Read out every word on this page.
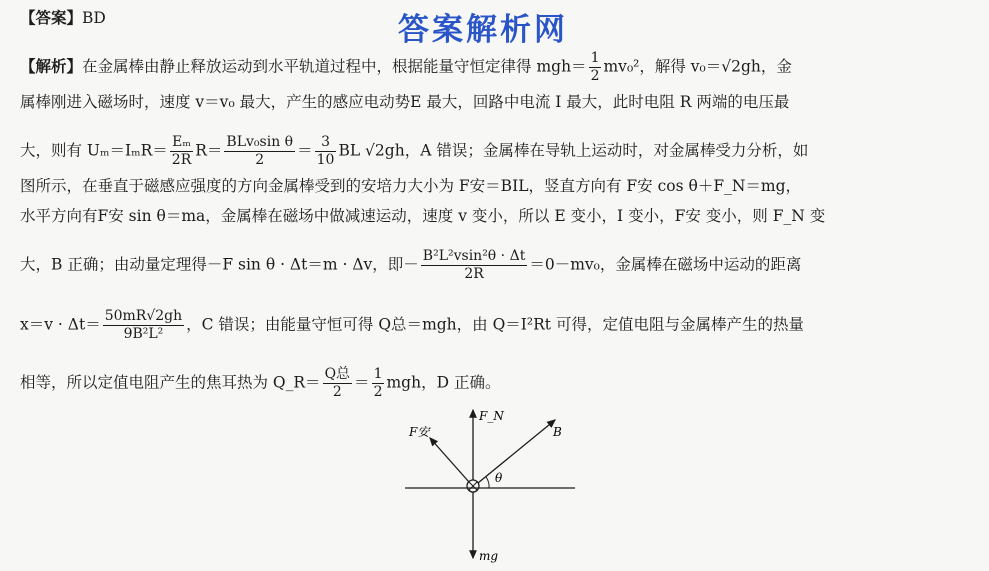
答案解析网
【答案】BD
【解析】在金属棒由静止释放运动到水平轨道过程中，根据能量守恒定律得 $mgh= \frac{1}{2} mv_0^2$，解得 v₀＝√2gh，金
属棒刚进入磁场时，速度 v＝v₀ 最大，产生的感应电动势E 最大，回路中电流 I 最大，此时电阻 R 两端的电压最
大，则有 $U_m=I_mR= \frac{\text{Eₘ}}{2R} R= \frac{\text{BLv₀sin θ}}{2} = \frac{3}{10}$ BL √2gh，A 错误；金属棒在导轨上运动时，对金属棒受力分析，如
图所示，在垂直于磁感应强度的方向金属棒受到的安培力大小为 F安＝BIL，竖直方向有 F安 cos θ＋F_N＝mg，
水平方向有F安 sin θ＝ma，金属棒在磁场中做减速运动，速度 v 变小，所以 E 变小，I 变小，F安 变小，则 F_N 变
大，B 正确；由动量定理得－F sin θ · Δt＝m · Δv，即－ $\frac{\text{B²L²vsin²θ · Δt}}{2R} =0-mv_0$，金属棒在磁场中运动的距离
$x=v \cdot \Delta t= \frac{50mR√2gh}{\text{9B²L²}}$ ，C 错误；由能量守恒可得 Q总＝mgh，由 Q＝I²Rt 可得，定值电阻与金属棒产生的热量
相等，所以定值电阻产生的焦耳热为 Q_R＝ $\frac{\text{Q总}}{2} = \frac{1}{2}$ mgh，D 正确。
F_N
F安	B
θ
mg
